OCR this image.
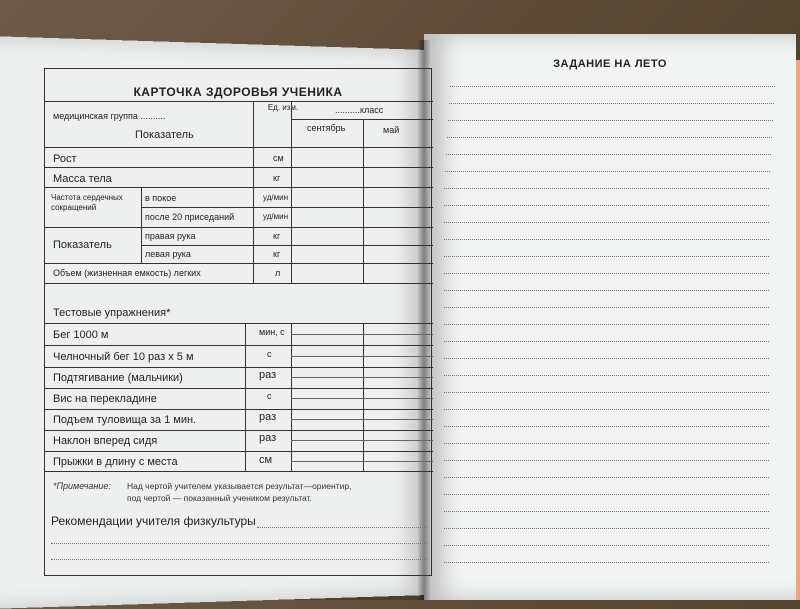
КАРТОЧКА ЗДОРОВЬЯ УЧЕНИКА
медицинская группа ..........
Ед. изм.	..........класс
Показатель
сентябрь	май
Рост	см
Масса тела	кг
Частота сердечных сокращений
в покое	уд/мин
после 20 приседаний	уд/мин
Показатель
правая рука	кг
левая рука	кг
Объем (жизненная емкость) легких	л
Тестовые упражнения*
Бег 1000 м	мин, с
Челночный бег 10 раз х 5 м	с
Подтягивание (мальчики)	раз
Вис на перекладине	с
Подъем туловища за 1 мин.	раз
Наклон вперед сидя	раз
Прыжки в длину с места	см
*Примечание: Над чертой учителем указывается результат—ориентир,
под чертой — показанный учеником результат.
Рекомендации учителя физкультуры
ЗАДАНИЕ НА ЛЕТО
